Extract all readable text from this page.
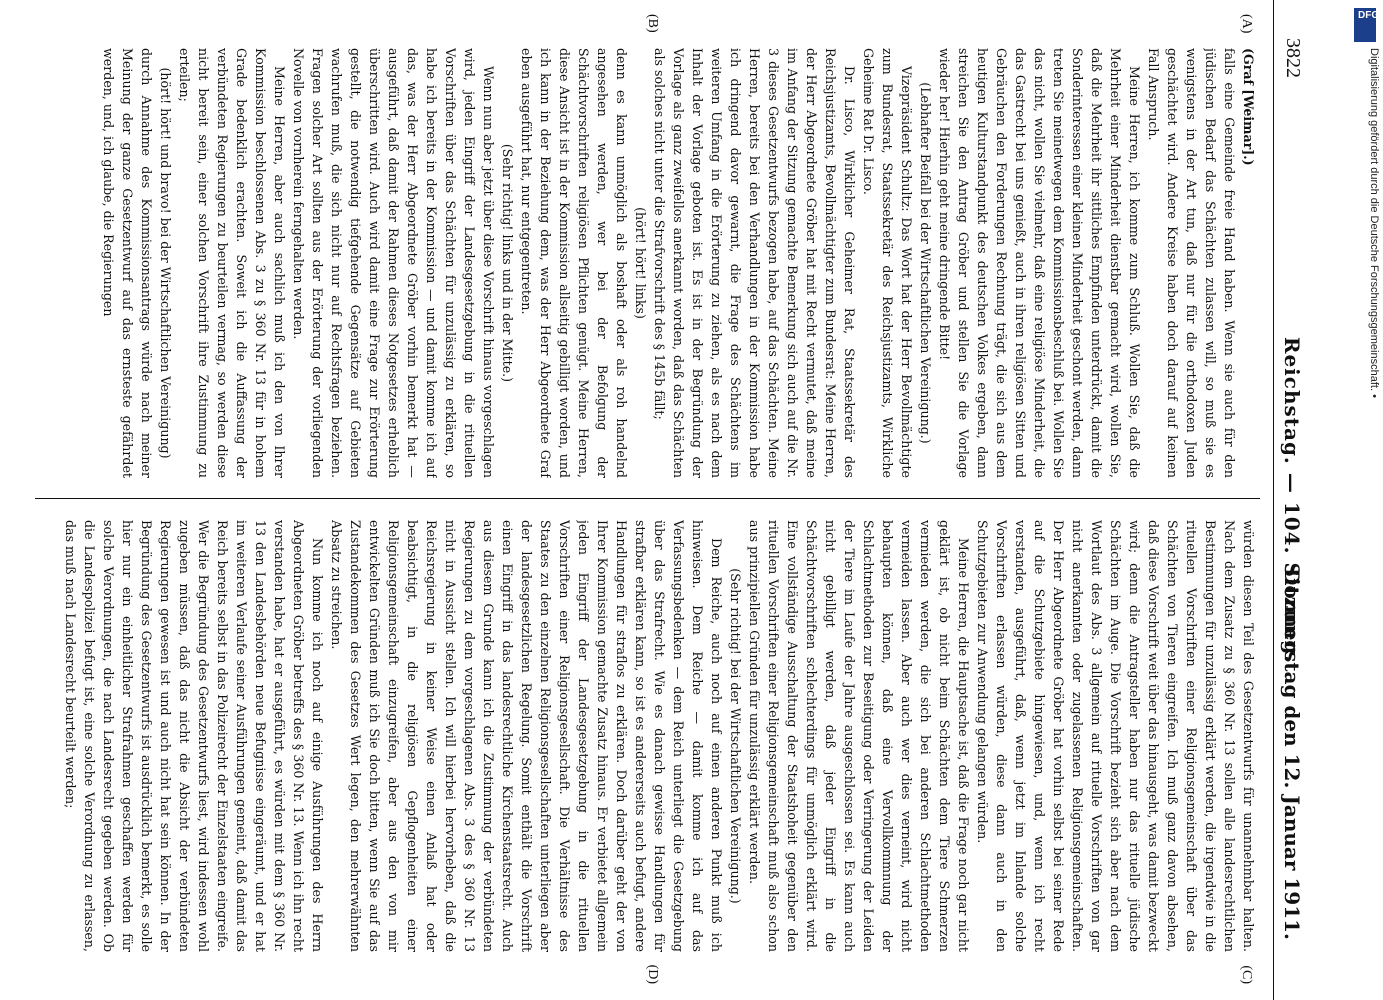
3822
Reichstag. — 104. Sitzung.
Donnerstag den 12. Januar 1911.
(A)
(B)
(C)
(D)

(Graf [Weimar].)

falls eine Gemeinde freie Hand haben. Wenn sie auch für den jüdischen Bedarf das Schächten zulassen will, so muß sie es wenigstens in der Art tun, daß nur für die orthodoxen Juden geschächtet wird. Andere Kreise haben doch darauf auf keinen Fall Anspruch.

Meine Herren, ich komme zum Schluß. Wollen Sie, daß die Mehrheit einer Minderheit dienstbar gemacht wird, wollen Sie, daß die Mehrheit ihr sittliches Empfinden unterdrückt, damit die Sonderinteressen einer kleinen Minderheit geschont werden, dann treten Sie meinetwegen dem Kommissionsbeschluß bei. Wollen Sie das nicht, wollen Sie vielmehr, daß eine religiöse Minderheit, die das Gastrecht bei uns genießt, auch in ihren religiösen Sitten und Gebräuchen den Forderungen Rechnung trägt, die sich aus dem heutigen Kulturstandpunkt des deutschen Volkes ergeben, dann streichen Sie den Antrag Gröber und stellen Sie die Vorlage wieder her! Hierhin geht meine dringende Bitte!

(Lebhafter Beifall bei der Wirtschaftlichen Vereinigung.)

Vizepräsident Schultz: Das Wort hat der Herr Bevollmächtigte zum Bundesrat, Staatssekretär des Reichsjustizamts, Wirkliche Geheime Rat Dr. Lisco.

Dr. Lisco, Wirklicher Geheimer Rat, Staatssekretär des Reichsjustizamts, Bevollmächtigter zum Bundesrat: Meine Herren, der Herr Abgeordnete Gröber hat mit Recht vermutet, daß meine im Anfang der Sitzung gemachte Bemerkung sich auch auf die Nr. 3 dieses Gesetzentwurfs bezogen habe, auf das Schächten. Meine Herren, bereits bei den Verhandlungen in der Kommission habe ich dringend davor gewarnt, die Frage des Schächtens im weiteren Umfang in die Erörterung zu ziehen, als es nach dem Inhalt der Vorlage geboten ist. Es ist in der Begründung der Vorlage als ganz zweifellos anerkannt worden, daß das Schächten als solches nicht unter die Strafvorschrift des § 145b fällt;

(hört! hört! links)

denn es kann unmöglich als boshaft oder als roh handelnd angesehen werden, wer bei der Befolgung der Schächtvorschriften religiösen Pflichten genügt. Meine Herren, diese Ansicht ist in der Kommission allseitig gebilligt worden, und ich kann in der Beziehung dem, was der Herr Abgeordnete Graf eben ausgeführt hat, nur entgegentreten.

(Sehr richtig! links und in der Mitte.)

Wenn nun aber jetzt über diese Vorschrift hinaus vorgeschlagen wird, jeden Eingriff der Landesgesetzgebung in die rituellen Vorschriften über das Schächten für unzulässig zu erklären, so habe ich bereits in der Kommission — und damit komme ich auf das, was der Herr Abgeordnete Gröber vorhin bemerkt hat — ausgeführt, daß damit der Rahmen dieses Notgesetzes erheblich überschritten wird. Auch wird damit eine Frage zur Erörterung gestellt, die notwendig tiefgehende Gegensätze auf Gebieten wachrufen muß, die sich nicht nur auf Rechtsfragen beziehen. Fragen solcher Art sollten aus der Erörterung der vorliegenden Novelle von vornherein ferngehalten werden.

Meine Herren, aber auch sachlich muß ich den von Ihrer Kommission beschlossenen Abs. 3 zu § 360 Nr. 13 für in hohem Grade bedenklich erachten. Soweit ich die Auffassung der verbündeten Regierungen zu beurteilen vermag, so werden diese nicht bereit sein, einer solchen Vorschrift ihre Zustimmung zu erteilen;

(hört! hört! und bravo! bei der Wirtschaftlichen Vereinigung)

durch Annahme des Kommissionsantrags würde nach meiner Meinung der ganze Gesetzentwurf auf das ernsteste gefährdet werden, und, ich glaube, die Regierungen

würden diesen Teil des Gesetzentwurfs für unannehmbar halten. Nach dem Zusatz zu § 360 Nr. 13 sollen alle landesrechtlichen Bestimmungen für unzulässig erklärt werden, die irgendwie in die rituellen Vorschriften einer Religionsgemeinschaft über das Schächten von Tieren eingreifen. Ich muß ganz davon absehen, daß diese Vorschrift weit über das hinausgeht, was damit bezweckt wird; denn die Antragsteller haben nur das rituelle jüdische Schächten im Auge. Die Vorschrift bezieht sich aber nach dem Wortlaut des Abs. 3 allgemein auf rituelle Vorschriften von gar nicht anerkannten oder zugelassenen Religionsgemeinschaften. Der Herr Abgeordnete Gröber hat vorhin selbst bei seiner Rede auf die Schutzgebiete hingewiesen, und, wenn ich recht verstanden, ausgeführt, daß, wenn jetzt im Inlande solche Vorschriften erlassen würden, diese dann auch in den Schutzgebieten zur Anwendung gelangen würden.

Meine Herren, die Hauptsache ist, daß die Frage noch gar nicht geklärt ist, ob nicht beim Schächten dem Tiere Schmerzen vermieden werden, die sich bei anderen Schlachtmethoden vermeiden lassen. Aber auch wer dies verneint, wird nicht behaupten können, daß eine Vervollkommnung der Schlachtmethoden zur Beseitigung oder Verringerung der Leiden der Tiere im Laufe der Jahre ausgeschlossen sei. Es kann auch nicht gebilligt werden, daß jeder Eingriff in die Schächtvorschriften schlechterdings für unmöglich erklärt wird. Eine vollständige Ausschaltung der Staatshoheit gegenüber den rituellen Vorschriften einer Religionsgemeinschaft muß also schon aus prinzipiellen Gründen für unzulässig erklärt werden.

(Sehr richtig! bei der Wirtschaftlichen Vereinigung.)

Dem Reiche, auch noch auf einen anderen Punkt muß ich hinweisen. Dem Reiche — damit komme ich auf das Verfassungsbedenken — dem Reich unterliegt die Gesetzgebung über das Strafrecht. Wie es danach gewisse Handlungen für strafbar erklären kann, so ist es andererseits auch befugt, andere Handlungen für straflos zu erklären. Doch darüber geht der von Ihrer Kommission gemachte Zusatz hinaus. Er verbietet allgemein jeden Eingriff der Landesgesetzgebung in die rituellen Vorschriften einer Religionsgesellschaft. Die Verhältnisse des Staates zu den einzelnen Religionsgesellschaften unterliegen aber der landesgesetzlichen Regelung. Somit enthält die Vorschrift einen Eingriff in das landesrechtliche Kirchenstaatsrecht. Auch aus diesem Grunde kann ich die Zustimmung der verbündeten Regierungen zu dem vorgeschlagenen Abs. 3 des § 360 Nr. 13 nicht in Aussicht stellen. Ich will hierbei hervorheben, daß die Reichsregierung in keiner Weise einen Anlaß hat oder beabsichtigt, in die religiösen Gepflogenheiten einer Religionsgemeinschaft einzugreifen, aber aus den von mir entwickelten Gründen muß ich Sie doch bitten, wenn Sie auf das Zustandekommen des Gesetzes Wert legen, den mehrerwähnten Absatz zu streichen.

Nun komme ich noch auf einige Ausführungen des Herrn Abgeordneten Gröber betreffs des § 360 Nr. 13. Wenn ich ihn recht verstanden habe, hat er ausgeführt, es würden mit dem § 360 Nr. 13 den Landesbehörden neue Befugnisse eingeräumt, und er hat im weiteren Verlaufe seiner Ausführungen gemeint, daß damit das Reich bereits selbst in das Polizeirecht der Einzelstaaten eingreife. Wer die Begründung des Gesetzentwurfs liest, wird indessen wohl zugeben müssen, daß das nicht die Absicht der verbündeten Regierungen gewesen ist und auch nicht hat sein können. In der Begründung des Gesetzentwurfs ist ausdrücklich bemerkt, es solle hier nur ein einheitlicher Strafrahmen geschaffen werden für solche Verordnungen, die nach Landesrecht gegeben werden. Ob die Landespolizei befugt ist, eine solche Verordnung zu erlassen, das muß nach Landesrecht beurteilt werden;

DFG
Digitalisierung gefördert durch die Deutsche Forschungsgemeinschaft. •
